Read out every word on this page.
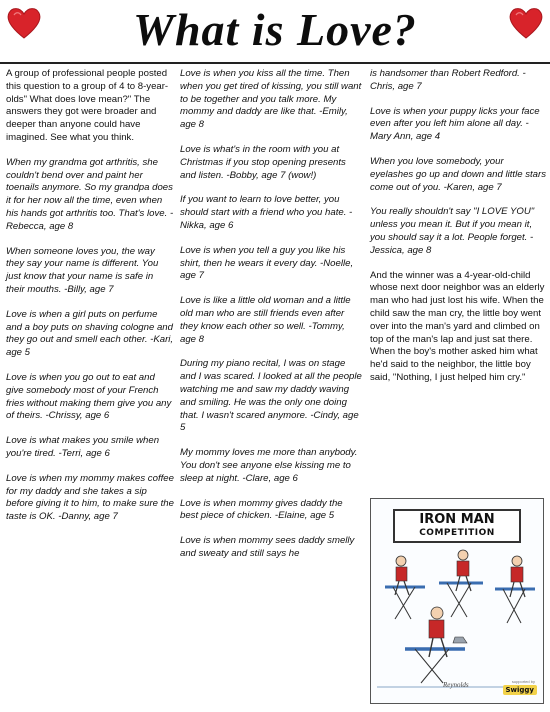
What is Love?

A group of professional people posted this question to a group of 4 to 8-year-olds" What does love mean?" The answers they got were broader and deeper than anyone could have imagined. See what you think.

When my grandma got arthritis, she couldn't bend over and paint her toenails anymore. So my grandpa does it for her now all the time, even when his hands got arthritis too. That's love. -Rebecca, age 8

When someone loves you, the way they say your name is different. You just know that your name is safe in their mouths. -Billy, age 7

Love is when a girl puts on perfume and a boy puts on shaving cologne and they go out and smell each other. -Kari, age 5

Love is when you go out to eat and give somebody most of your French fries without making them give you any of theirs. -Chrissy, age 6

Love is what makes you smile when you're tired. -Terri, age 6

Love is when my mommy makes coffee for my daddy and she takes a sip before giving it to him, to make sure the taste is OK. -Danny, age 7

Love is when you kiss all the time. Then when you get tired of kissing, you still want to be together and you talk more. My mommy and daddy are like that. -Emily, age 8

Love is what's in the room with you at Christmas if you stop opening presents and listen. -Bobby, age 7 (wow!)

If you want to learn to love better, you should start with a friend who you hate. -Nikka, age 6

Love is when you tell a guy you like his shirt, then he wears it every day. -Noelle, age 7

Love is like a little old woman and a little old man who are still friends even after they know each other so well. -Tommy, age 8

During my piano recital, I was on stage and I was scared. I looked at all the people watching me and saw my daddy waving and smiling. He was the only one doing that. I wasn't scared anymore. -Cindy, age 5

My mommy loves me more than anybody. You don't see anyone else kissing me to sleep at night. -Clare, age 6

Love is when mommy gives daddy the best piece of chicken. -Elaine, age 5

Love is when mommy sees daddy smelly and sweaty and still says he

is handsomer than Robert Redford. -Chris, age 7

Love is when your puppy licks your face even after you left him alone all day. -Mary Ann, age 4

When you love somebody, your eyelashes go up and down and little stars come out of you. -Karen, age 7

You really shouldn't say "I LOVE YOU" unless you mean it. But if you mean it, you should say it a lot. People forget. -Jessica, age 8

And the winner was a 4-year-old-child whose next door neighbor was an elderly man who had just lost his wife. When the child saw the man cry, the little boy went over into the man's yard and climbed on top of the man's lap and just sat there. When the boy's mother asked him what he'd said to the neighbor, the little boy said, "Nothing, I just helped him cry."

IRON MAN
COMPETITION
Reynolds	supported by
Swiggy
